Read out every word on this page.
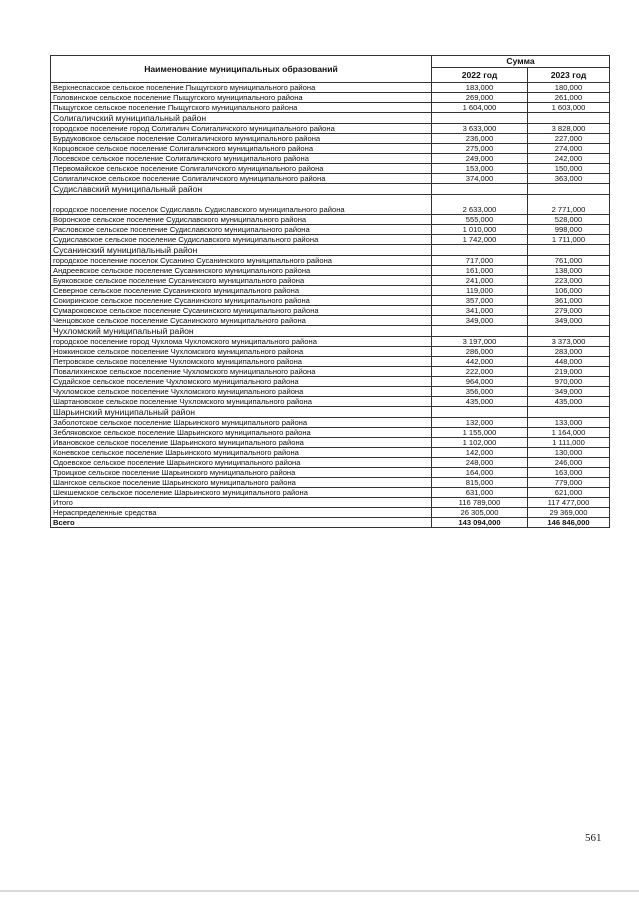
Наименование муниципальных образований	Сумма	
	2022 год	2023 год
Верхнеспасское сельское поселение Пыщугского муниципального района	183,000	180,000
Головинское сельское поселение Пыщугского муниципального района	269,000	261,000
Пыщугское сельское поселение Пыщугского муниципального района	1 604,000	1 603,000
Солигаличский муниципальный район		
городское поселение город Солигалич Солигаличского муниципального района	3 633,000	3 828,000
Бурдуковское сельское поселение Солигаличского муниципального района	236,000	227,000
Корцовское сельское поселение Солигаличского муниципального района	275,000	274,000
Лосевское сельское поселение Солигаличского муниципального района	249,000	242,000
Первомайское сельское поселение Солигаличского муниципального района	153,000	150,000
Солигаличское сельское поселение Солигаличского муниципального района	374,000	363,000
Судиславский муниципальный район		
городское поселение поселок Судиславль Судиславского муниципального района	2 633,000	2 771,000
Воронское сельское поселение Судиславского муниципального района	555,000	528,000
Расловское сельское поселение Судиславского муниципального района	1 010,000	998,000
Судиславское сельское поселение Судиславского муниципального района	1 742,000	1 711,000
Сусанинский муниципальный район		
городское поселение поселок Сусанино Сусанинского муниципального района	717,000	761,000
Андреевское сельское поселение Сусанинского муниципального района	161,000	138,000
Буяковское сельское поселение Сусанинского муниципального района	241,000	223,000
Северное сельское поселение Сусанинского муниципального района	119,000	106,000
Сокиринское сельское поселение Сусанинского муниципального района	357,000	361,000
Сумароковское сельское поселение Сусанинского муниципального района	341,000	279,000
Ченцовское сельское поселение Сусанинского муниципального района	349,000	349,000
Чухломский муниципальный район		
городское поселение город Чухлома Чухломского муниципального района	3 197,000	3 373,000
Ножкинское сельское поселение Чухломского муниципального района	286,000	283,000
Петровское сельское поселение Чухломского муниципального района	442,000	448,000
Повалихинское сельское поселение Чухломского муниципального района	222,000	219,000
Судайское сельское поселение Чухломского муниципального района	964,000	970,000
Чухломское сельское поселение Чухломского муниципального района	356,000	349,000
Шартановское сельское поселение Чухломского муниципального района	435,000	435,000
Шарьинский муниципальный район		
Заболотское сельское поселение Шарьинского муниципального района	132,000	133,000
Зебляковское сельское поселение Шарьинского муниципального района	1 155,000	1 164,000
Ивановское сельское поселение Шарьинского муниципального района	1 102,000	1 111,000
Коневское сельское поселение Шарьинского муниципального района	142,000	130,000
Одоевское сельское поселение Шарьинского муниципального района	248,000	246,000
Троицкое сельское поселение Шарьинского муниципального района	164,000	163,000
Шангское сельское поселение Шарьинского муниципального района	815,000	779,000
Шекшемское сельское поселение Шарьинского муниципального района	631,000	621,000
Итого	116 789,000	117 477,000
Нераспределенные средства	26 305,000	29 369,000
Всего	143 094,000	146 846,000
561
